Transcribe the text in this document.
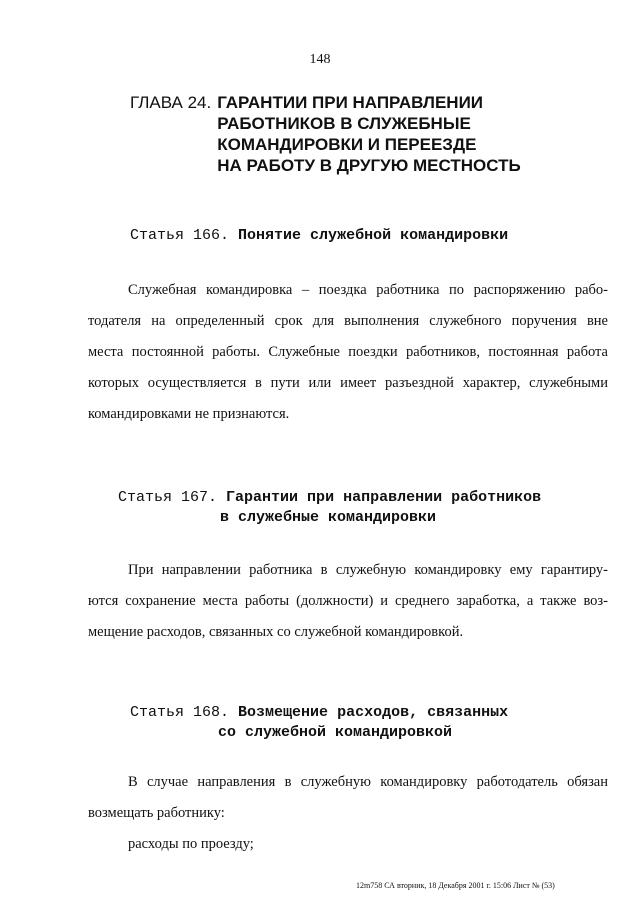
148
ГЛАВА 24. ГАРАНТИИ ПРИ НАПРАВЛЕНИИ
РАБОТНИКОВ В СЛУЖЕБНЫЕ
КОМАНДИРОВКИ И ПЕРЕЕЗДЕ
НА РАБОТУ В ДРУГУЮ МЕСТНОСТЬ
Статья 166. Понятие служебной командировки
Служебная командировка – поездка работника по распоряжению рабо-
тодателя на определенный срок для выполнения служебного поручения вне
места постоянной работы. Служебные поездки работников, постоянная работа
которых осуществляется в пути или имеет разъездной характер, служебными
командировками не признаются.
Статья 167. Гарантии при направлении работников
в служебные командировки
При направлении работника в служебную командировку ему гарантиру-
ются сохранение места работы (должности) и среднего заработка, а также воз-
мещение расходов, связанных со служебной командировкой.
Статья 168. Возмещение расходов, связанных
со служебной командировкой
В случае направления в служебную командировку работодатель обязан
возмещать работнику:
расходы по проезду;
12m758 СА вторник, 18 Декабря 2001 г. 15:06 Лист № (53)
